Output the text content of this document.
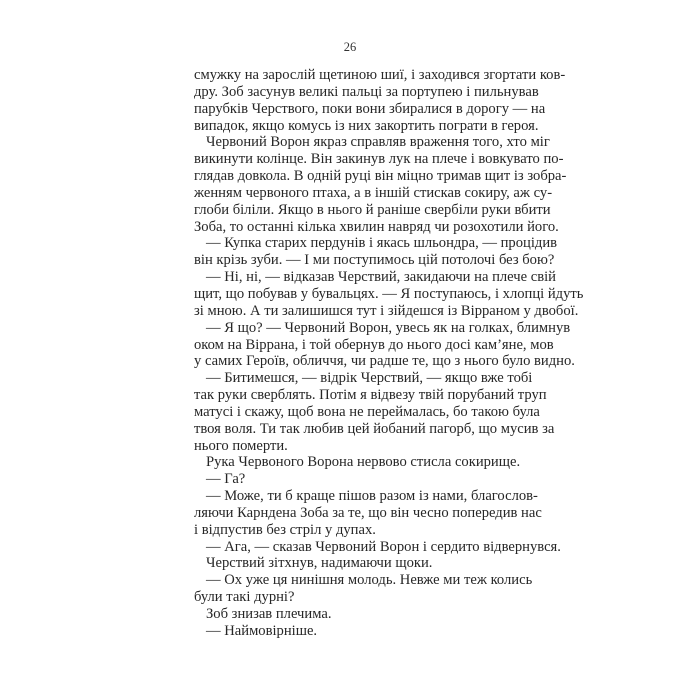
26
смужку на зарослій щетиною шиї, і заходився згортати ков-
дру. Зоб засунув великі пальці за портупею і пильнував
парубків Черствого, поки вони збиралися в дорогу — на
випадок, якщо комусь із них закортить пограти в героя.
Червоний Ворон якраз справляв враження того, хто міг
викинути колінце. Він закинув лук на плече і вовкувато по-
глядав довкола. В одній руці він міцно тримав щит із зобра-
женням червоного птаха, а в іншій стискав сокиру, аж су-
глоби біліли. Якщо в нього й раніше свербіли руки вбити
Зоба, то останні кілька хвилин навряд чи розохотили його.
— Купка старих пердунів і якась шльондра, — процідив
він крізь зуби. — І ми поступимось цій потолочі без бою?
— Ні, ні, — відказав Черствий, закидаючи на плече свій
щит, що побував у бувальцях. — Я поступаюсь, і хлопці йдуть
зі мною. А ти залишишся тут і зійдешся із Вірраном у двобої.
— Я що? — Червоний Ворон, увесь як на голках, блимнув
оком на Віррана, і той обернув до нього досі кам’яне, мов
у самих Героїв, обличчя, чи радше те, що з нього було видно.
— Битимешся, — відрік Черствий, — якщо вже тобі
так руки сверблять. Потім я відвезу твій порубаний труп
матусі і скажу, щоб вона не переймалась, бо такою була
твоя воля. Ти так любив цей йобаний пагорб, що мусив за
нього померти.
Рука Червоного Ворона нервово стисла сокирище.
— Га?
— Може, ти б краще пішов разом із нами, благослов-
ляючи Карндена Зоба за те, що він чесно попередив нас
і відпустив без стріл у дупах.
— Ага, — сказав Червоний Ворон і сердито відвернувся.
Черствий зітхнув, надимаючи щоки.
— Ох уже ця нинішня молодь. Невже ми теж колись
були такі дурні?
Зоб знизав плечима.
— Наймовірніше.
